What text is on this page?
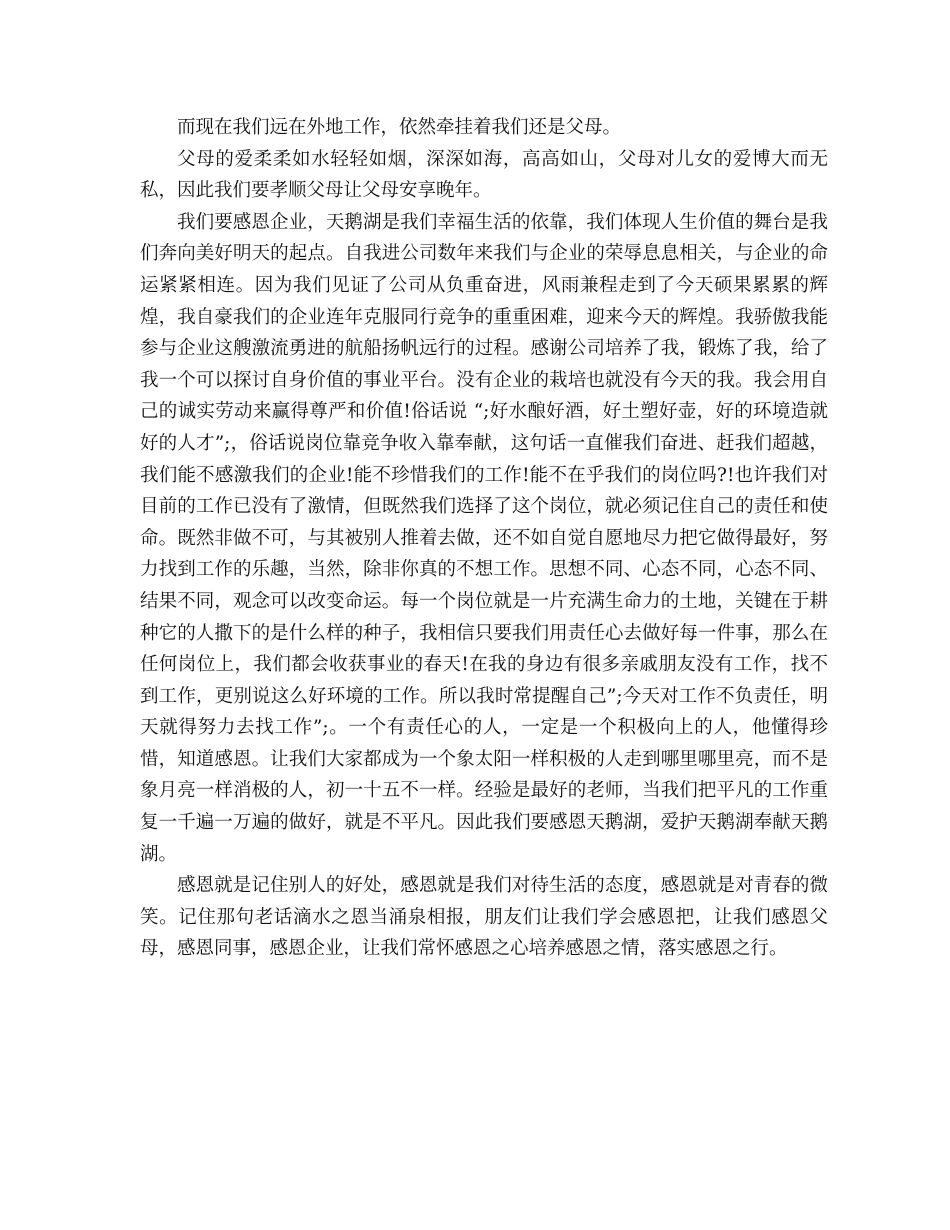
而现在我们远在外地工作，依然牵挂着我们还是父母。

父母的爱柔柔如水轻轻如烟，深深如海，高高如山，父母对儿女的爱博大而无私，因此我们要孝顺父母让父母安享晚年。

我们要感恩企业，天鹅湖是我们幸福生活的依靠，我们体现人生价值的舞台是我们奔向美好明天的起点。自我进公司数年来我们与企业的荣辱息息相关，与企业的命运紧紧相连。因为我们见证了公司从负重奋进，风雨兼程走到了今天硕果累累的辉煌，我自豪我们的企业连年克服同行竞争的重重困难，迎来今天的辉煌。我骄傲我能参与企业这艘激流勇进的航船扬帆远行的过程。感谢公司培养了我，锻炼了我，给了我一个可以探讨自身价值的事业平台。没有企业的栽培也就没有今天的我。我会用自己的诚实劳动来赢得尊严和价值!俗话说 “;好水酿好酒，好土塑好壶，好的环境造就好的人才”;，俗话说岗位靠竞争收入靠奉献，这句话一直催我们奋进、赶我们超越，我们能不感激我们的企业!能不珍惜我们的工作!能不在乎我们的岗位吗?!也许我们对目前的工作已没有了激情，但既然我们选择了这个岗位，就必须记住自己的责任和使命。既然非做不可，与其被别人推着去做，还不如自觉自愿地尽力把它做得最好，努力找到工作的乐趣，当然，除非你真的不想工作。思想不同、心态不同，心态不同、结果不同，观念可以改变命运。每一个岗位就是一片充满生命力的土地，关键在于耕种它的人撒下的是什么样的种子，我相信只要我们用责任心去做好每一件事，那么在任何岗位上，我们都会收获事业的春天!在我的身边有很多亲戚朋友没有工作，找不到工作，更别说这么好环境的工作。所以我时常提醒自己”;今天对工作不负责任，明天就得努力去找工作”;。一个有责任心的人，一定是一个积极向上的人，他懂得珍惜，知道感恩。让我们大家都成为一个象太阳一样积极的人走到哪里哪里亮，而不是象月亮一样消极的人，初一十五不一样。经验是最好的老师，当我们把平凡的工作重复一千遍一万遍的做好，就是不平凡。因此我们要感恩天鹅湖，爱护天鹅湖奉献天鹅湖。

感恩就是记住别人的好处，感恩就是我们对待生活的态度，感恩就是对青春的微笑。记住那句老话滴水之恩当涌泉相报，朋友们让我们学会感恩把，让我们感恩父母，感恩同事，感恩企业，让我们常怀感恩之心培养感恩之情，落实感恩之行。
